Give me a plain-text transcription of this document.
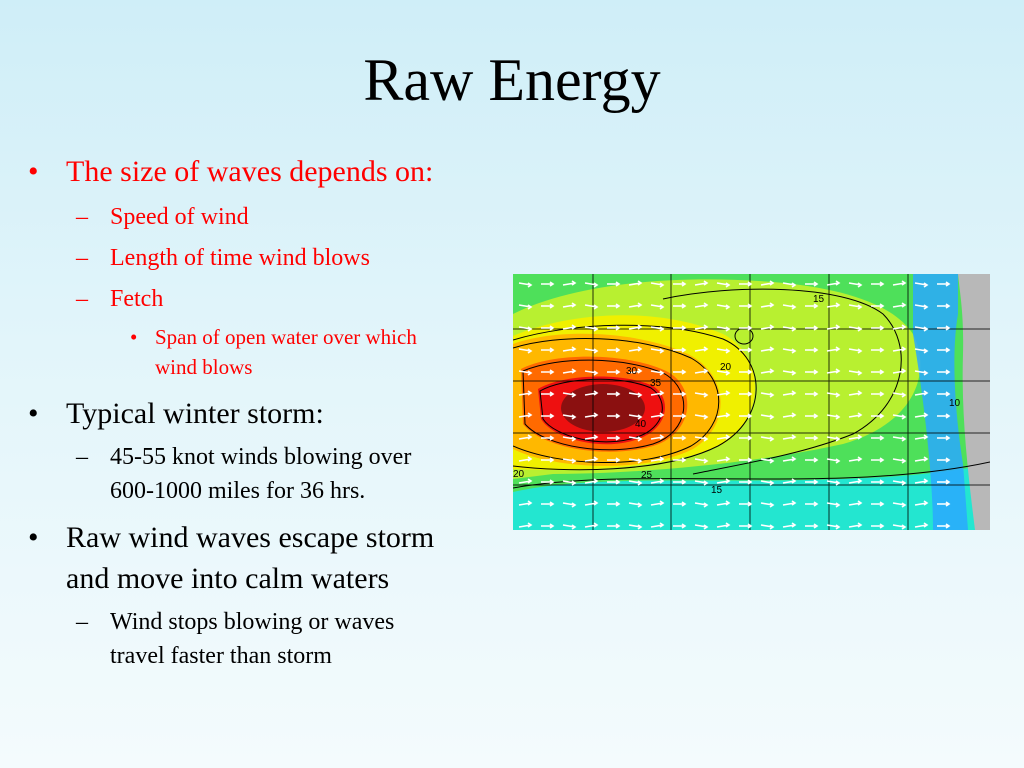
Raw Energy
• The size of waves depends on:
– Speed of wind
– Length of time wind blows
– Fetch
• Span of open water over which
wind blows
• Typical winter storm:
– 45-55 knot winds blowing over
600-1000 miles for 36 hrs.
• Raw wind waves escape storm
and move into calm waters
– Wind stops blowing or waves
travel faster than storm
15
20
30
35
40
25
15
10
20
